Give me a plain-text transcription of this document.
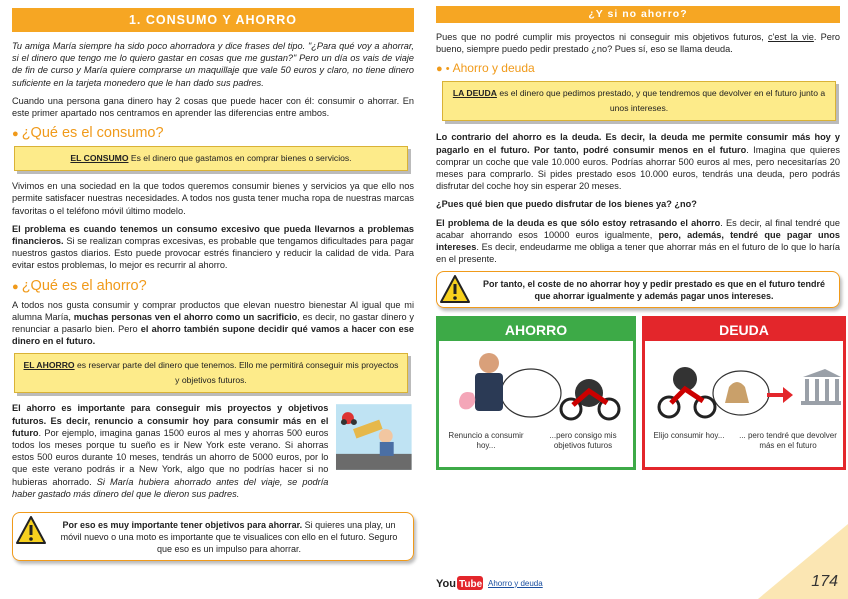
1. CONSUMO Y AHORRO

Tu amiga María siempre ha sido poco ahorradora y dice frases del tipo. "¿Para qué voy a ahorrar, si el dinero que tengo me lo quiero gastar en cosas que me gustan?" Pero un día os vais de viaje de fin de curso y María quiere comprarse un maquillaje que vale 50 euros y claro, no tiene dinero suficiente en la tarjeta monedero que le han dado sus padres.

Cuando una persona gana dinero hay 2 cosas que puede hacer con él: consumir o ahorrar. En este primer apartado nos centramos en aprender las diferencias entre ambos.

● ¿Qué es el consumo?
EL CONSUMO Es el dinero que gastamos en comprar bienes o servicios.

Vivimos en una sociedad en la que todos queremos consumir bienes y servicios ya que ello nos permite satisfacer nuestras necesidades. A todos nos gusta tener mucha ropa de nuestras marcas favoritas o el teléfono móvil último modelo.

El problema es cuando tenemos un consumo excesivo que pueda llevarnos a problemas financieros. Si se realizan compras excesivas, es probable que tengamos dificultades para pagar nuestros gastos diarios. Esto puede provocar estrés financiero y reducir la calidad de vida. Para evitar estos problemas, lo mejor es recurrir al ahorro.

● ¿Qué es el ahorro?

A todos nos gusta consumir y comprar productos que elevan nuestro bienestar Al igual que mi alumna María, muchas personas ven el ahorro como un sacrificio, es decir, no gastar dinero y renunciar a pasarlo bien. Pero el ahorro también supone decidir qué vamos a hacer con ese dinero en el futuro.

EL AHORRO es reservar parte del dinero que tenemos. Ello me permitirá conseguir mis proyectos y objetivos futuros.

El ahorro es importante para conseguir mis proyectos y objetivos futuros. Es decir, renuncio a consumir hoy para consumir más en el futuro. Por ejemplo, imagina ganas 1500 euros al mes y ahorras 500 euros todos los meses porque tu sueño es ir New York este verano. Si ahorras estos 500 euros durante 10 meses, tendrás un ahorro de 5000 euros, por lo que este verano podrás ir a New York, algo que no podrías hacer si no hubieras ahorrado. Si María hubiera ahorrado antes del viaje, se podría haber gastado más dinero del que le dieron sus padres.

Por eso es muy importante tener objetivos para ahorrar. Si quieres una play, un móvil nuevo o una moto es importante que te visualices con ello en el futuro. Seguro que eso es un impulso para ahorrar.
¿Y si no ahorro?

Pues que no podré cumplir mis proyectos ni conseguir mis objetivos futuros, c'est la vie. Pero bueno, siempre puedo pedir prestado ¿no? Pues sí, eso se llama deuda.

● • Ahorro y deuda
LA DEUDA es el dinero que pedimos prestado, y que tendremos que devolver en el futuro junto a unos intereses.

Lo contrario del ahorro es la deuda. Es decir, la deuda me permite consumir más hoy y pagarlo en el futuro. Por tanto, podré consumir menos en el futuro. Imagina que quieres comprar un coche que vale 10.000 euros. Podrías ahorrar 500 euros al mes, pero necesitarías 20 meses para comprarlo. Si pides prestado esos 10.000 euros, tendrás una deuda, pero podrás disfrutar del coche hoy sin esperar 20 meses.

¿Pues qué bien que puedo disfrutar de los bienes ya? ¿no?

El problema de la deuda es que sólo estoy retrasando el ahorro. Es decir, al final tendré que acabar ahorrando esos 10000 euros igualmente, pero, además, tendré que pagar unos intereses. Es decir, endeudarme me obliga a tener que ahorrar más en el futuro de lo que lo haría en el presente.

Por tanto, el coste de no ahorrar hoy y pedir prestado es que en el futuro tendré que ahorrar igualmente y además pagar unos intereses.
AHORRO
Renuncio a consumir hoy...
...pero consigo mis objetivos futuros
DEUDA
Elijo consumir hoy...	... pero tendré que devolver más en el futuro
You Tube Ahorro y deuda	174
